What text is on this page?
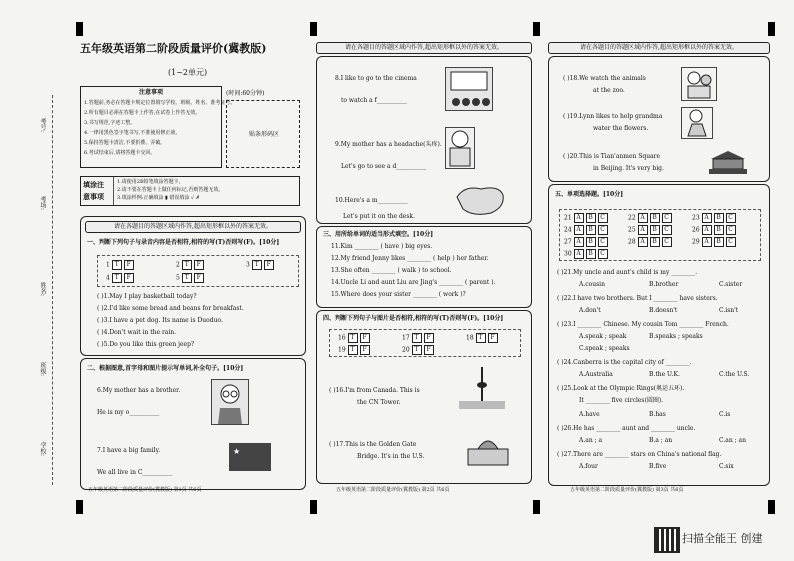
考号:
考场:
姓名:
班级:
学校:
五年级英语第二阶段质量评价(冀教版)
(1~2单元)
注意事项
1.答题前,务必在答题卡规定位置填写学校、班级、姓名、准考证号。
2.所有题目必须在答题卡上作答,在试卷上作答无效。
3.书写规范,字迹工整。
4.一律用黑色签字笔书写,不准使用修正液。
5.保持答题卡清洁,不要折叠、弄破。
6.考试结束后,请将答题卡交回。
(时间:60分钟)
贴条形码区
填涂注
意事项
1.请使用2B铅笔填涂答题卡。
2.请不要在答题卡上做任何标记,否则答题无效。
3.填涂样例:正确填涂 ▮ 错误填涂 ✓ ✗
请在各题目的答题区域内作答,超出矩形框以外的答案无效。
一、判断下列句子与录音内容是否相符,相符的写(T)否则写(F)。[10分]
1 T F	2 T F	3 T F
4 T F	5 T F
( )1.May I play basketball today?
( )2.I'd like some bread and beans for breakfast.
( )3.I have a pet dog. Its name is Duoduo.
( )4.Don't wait in the rain.
( )5.Do you like this green jeep?
二、根据图意,首字母和图片提示写单词,补全句子。[10分]
6.My mother has a brother.
He is my o__________
7.I have a big family.
We all live in C__________
★
五年级英语第二阶段质量评价(冀教版) 第1页 共6页
请在各题目的答题区域内作答,超出矩形框以外的答案无效。
8.I like to go to the cinema
to watch a f__________
9.My mother has a headache(头疼).
Let's go to see a d__________
10.Here's a m__________
Let's put it on the desk.
三、用所给单词的适当形式填空。[10分]
11.Kim ________ ( have ) big eyes.
12.My friend Jenny likes ________ ( help ) her father.
13.She often ________ ( walk ) to school.
14.Uncle Li and aunt Liu are Jing's ________ ( parent ).
15.Where does your sister ________ ( work )?
四、判断下列句子与图片是否相符,相符的写(T)否则写(F)。[10分]
16 T F	17 T F	18 T F
19 T F	20 T F
( )16.I'm from Canada. This is
the CN Tower.
( )17.This is the Golden Gate
Bridge. It's in the U.S.
五年级英语第二阶段质量评价(冀教版) 第2页 共6页
请在各题目的答题区域内作答,超出矩形框以外的答案无效。
( )18.We watch the animals
at the zoo.
( )19.Lynn likes to help grandma
water the flowers.
( )20.This is Tian'anmen Square
in Beijing. It's very big.
五、单项选择题。[10分]
21 A B C	22 A B C	23 A B C
24 A B C	25 A B C	26 A B C
27 A B C	28 A B C	29 A B C
30 A B C
( )21.My uncle and aunt's child is my ________.
A.cousin	B.brother	C.sister
( )22.I have two brothers. But I ________ have sisters.
A.don't	B.doesn't	C.isn't
( )23.I ________ Chinese. My cousin Tom ________ French.
A.speak ; speak	B.speaks ; speaks
C.speak ; speaks
( )24.Canberra is the capital city of ________.
A.Australia	B.the U.K.	C.the U.S.
( )25.Look at the Olympic Rings(奥运五环).
It ________ five circles(圆圈).
A.have	B.has	C.is
( )26.He has ________ aunt and ________ uncle.
A.an ; a	B.a ; an	C.an ; an
( )27.There are ________ stars on China's national flag.
A.four	B.five	C.six
五年级英语第二阶段质量评价(冀教版) 第3页 共6页
扫描全能王 创建
